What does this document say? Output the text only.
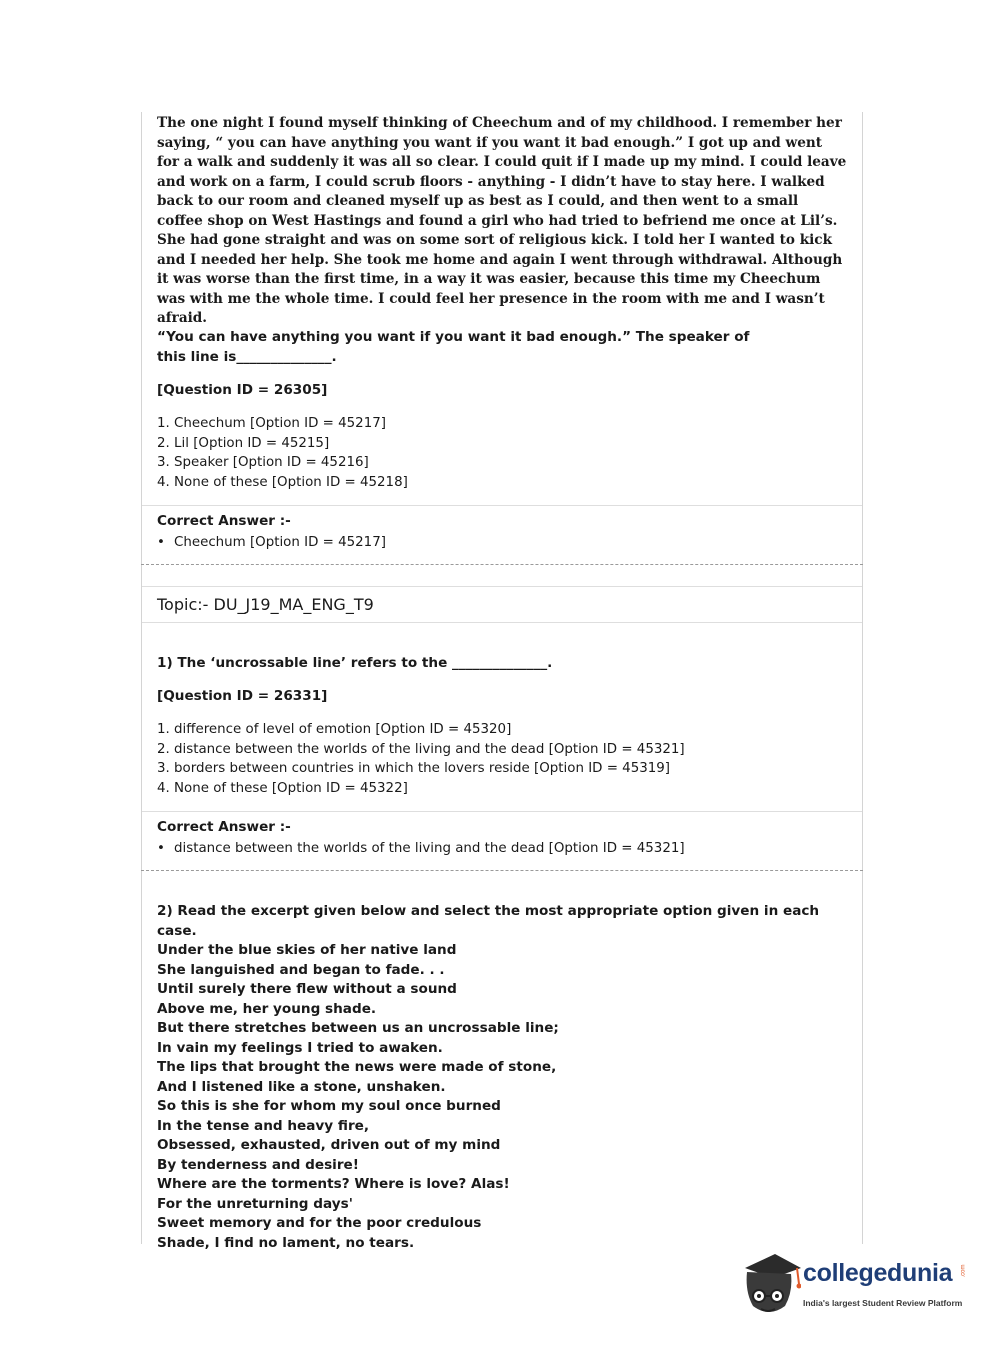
The one night I found myself thinking of Cheechum and of my childhood. I remember her saying, “ you can have anything you want if you want it bad enough.” I got up and went for a walk and suddenly it was all so clear. I could quit if I made up my mind. I could leave and work on a farm, I could scrub floors - anything - I didn’t have to stay here. I walked back to our room and cleaned myself up as best as I could, and then went to a small coffee shop on West Hastings and found a girl who had tried to befriend me once at Lil’s. She had gone straight and was on some sort of religious kick. I told her I wanted to kick and I needed her help. She took me home and again I went through withdrawal. Although it was worse than the first time, in a way it was easier, because this time my Cheechum was with me the whole time. I could feel her presence in the room with me and I wasn’t afraid.

“You can have anything you want if you want it bad enough.” The speaker of this line is______________.

[Question ID = 26305]

1. Cheechum [Option ID = 45217]
2. Lil [Option ID = 45215]
3. Speaker [Option ID = 45216]
4. None of these [Option ID = 45218]

Correct Answer :-

• Cheechum [Option ID = 45217]

Topic:- DU_J19_MA_ENG_T9

1) The ‘uncrossable line’ refers to the ______________.

[Question ID = 26331]

1. difference of level of emotion [Option ID = 45320]
2. distance between the worlds of the living and the dead [Option ID = 45321]
3. borders between countries in which the lovers reside [Option ID = 45319]
4. None of these [Option ID = 45322]

Correct Answer :-

• distance between the worlds of the living and the dead [Option ID = 45321]

2) Read the excerpt given below and select the most appropriate option given in each case.

Under the blue skies of her native land

She languished and began to fade. . .

Until surely there flew without a sound

Above me, her young shade.

But there stretches between us an uncrossable line;

In vain my feelings I tried to awaken.

The lips that brought the news were made of stone,

And I listened like a stone, unshaken.

So this is she for whom my soul once burned

In the tense and heavy fire,

Obsessed, exhausted, driven out of my mind

By tenderness and desire!

Where are the torments? Where is love? Alas!

For the unreturning days'

Sweet memory and for the poor credulous

Shade, I find no lament, no tears.

collegedunia .com
India's largest Student Review Platform
